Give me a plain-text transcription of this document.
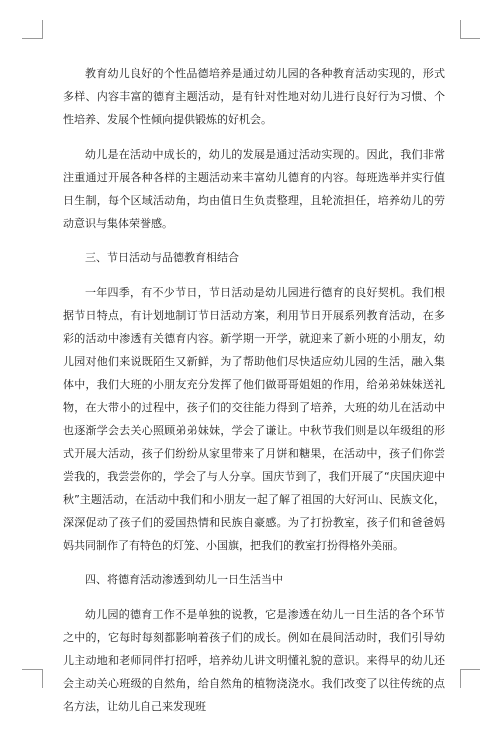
教育幼儿良好的个性品德培养是通过幼儿园的各种教育活动实现的，形式多样、内容丰富的德育主题活动，是有针对性地对幼儿进行良好行为习惯、个性培养、发展个性倾向提供锻炼的好机会。

幼儿是在活动中成长的，幼儿的发展是通过活动实现的。因此，我们非常注重通过开展各种各样的主题活动来丰富幼儿德育的内容。每班选举并实行值日生制，每个区域活动角，均由值日生负责整理，且轮流担任，培养幼儿的劳动意识与集体荣誉感。

三、节日活动与品德教育相结合

一年四季，有不少节日，节日活动是幼儿园进行德育的良好契机。我们根据节日特点，有计划地制订节日活动方案，利用节日开展系列教育活动，在多彩的活动中渗透有关德育内容。新学期一开学，就迎来了新小班的小朋友，幼儿园对他们来说既陌生又新鲜，为了帮助他们尽快适应幼儿园的生活，融入集体中，我们大班的小朋友充分发挥了他们做哥哥姐姐的作用，给弟弟妹妹送礼物，在大带小的过程中，孩子们的交往能力得到了培养，大班的幼儿在活动中也逐渐学会去关心照顾弟弟妹妹，学会了谦让。中秋节我们则是以年级组的形式开展大活动，孩子们纷纷从家里带来了月饼和糖果，在活动中，孩子们你尝尝我的，我尝尝你的，学会了与人分享。国庆节到了，我们开展了“庆国庆迎中秋”主题活动，在活动中我们和小朋友一起了解了祖国的大好河山、民族文化，深深促动了孩子们的爱国热情和民族自豪感。为了打扮教室，孩子们和爸爸妈妈共同制作了有特色的灯笼、小国旗，把我们的教室打扮得格外美丽。

四、将德育活动渗透到幼儿一日生活当中

幼儿园的德育工作不是单独的说教，它是渗透在幼儿一日生活的各个环节之中的，它每时每刻都影响着孩子们的成长。例如在晨间活动时，我们引导幼儿主动地和老师同伴打招呼，培养幼儿讲文明懂礼貌的意识。来得早的幼儿还会主动关心班级的自然角，给自然角的植物浇浇水。我们改变了以往传统的点名方法，让幼儿自己来发现班
